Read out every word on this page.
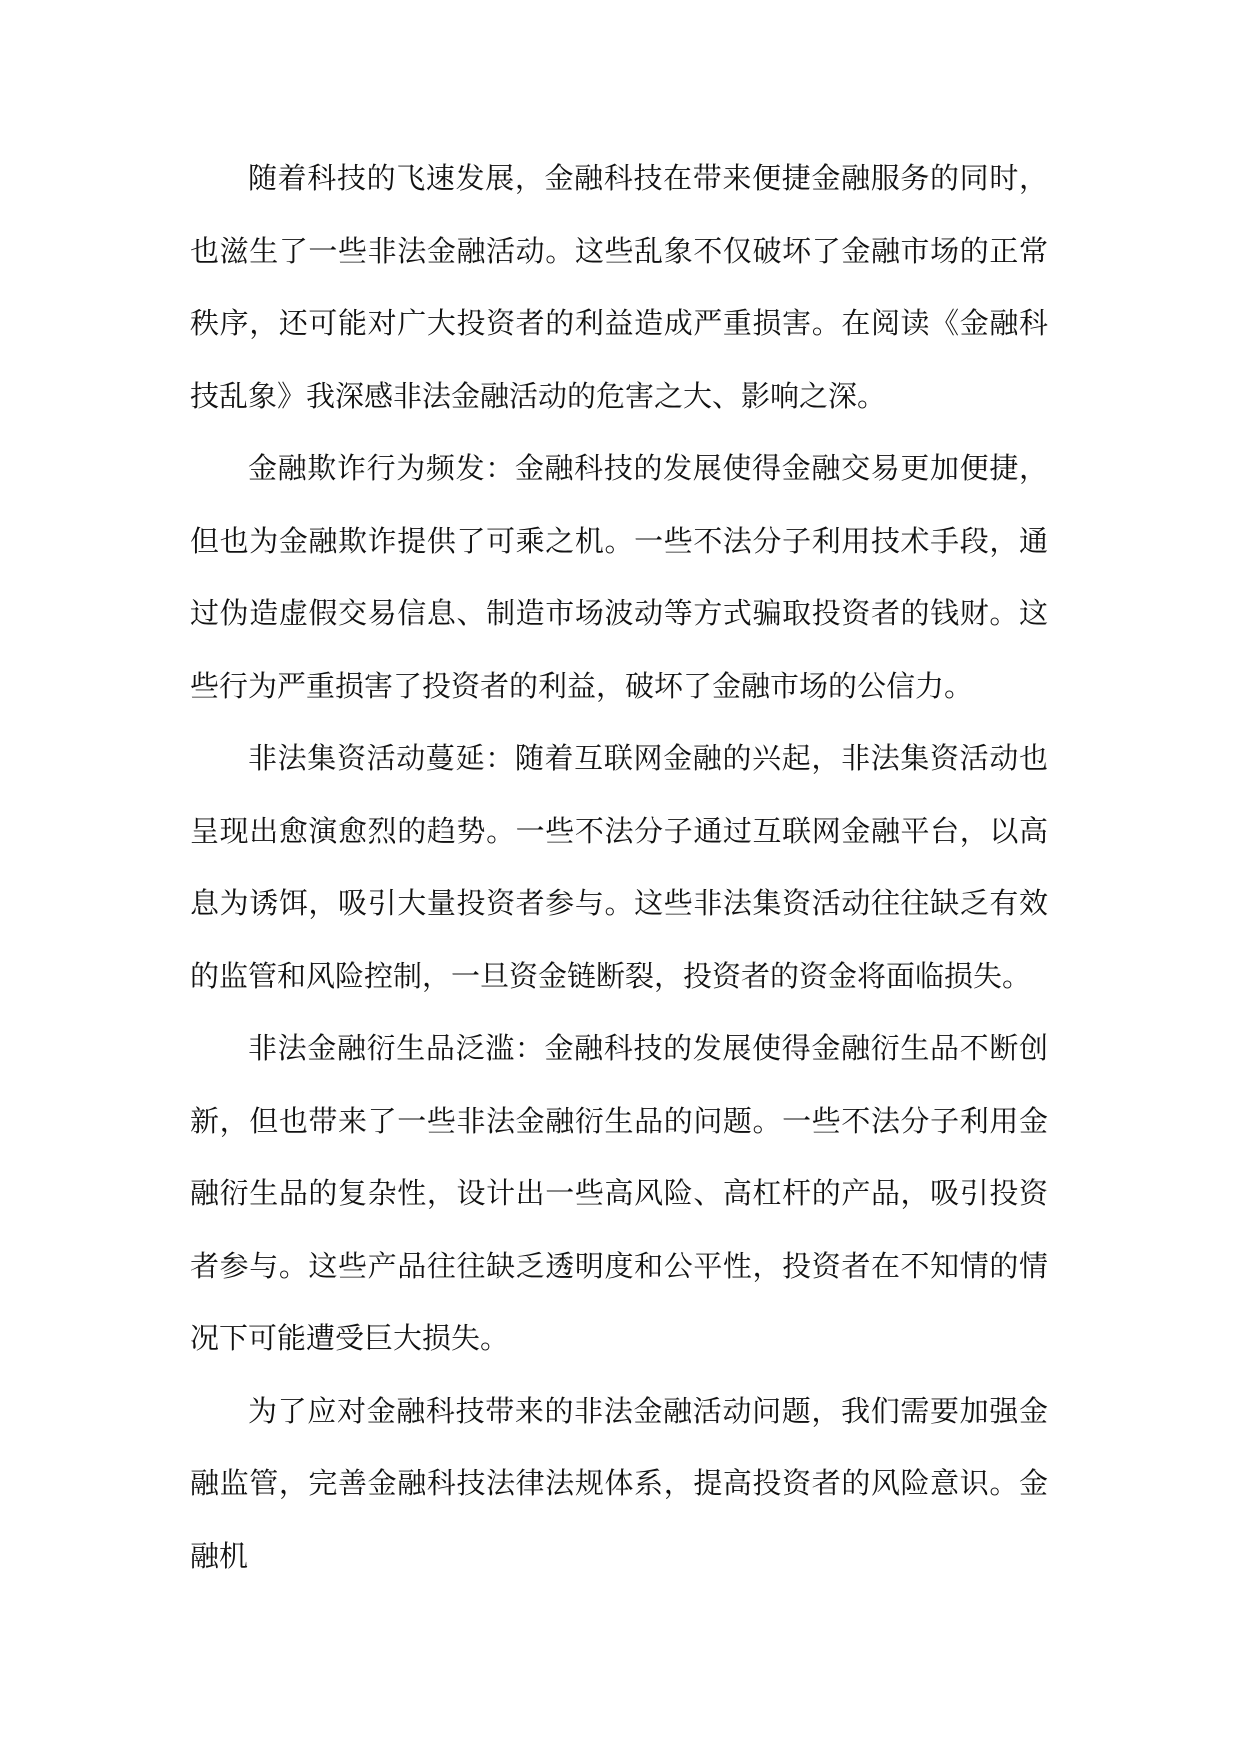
随着科技的飞速发展，金融科技在带来便捷金融服务的同时，也滋生了一些非法金融活动。这些乱象不仅破坏了金融市场的正常秩序，还可能对广大投资者的利益造成严重损害。在阅读《金融科技乱象》我深感非法金融活动的危害之大、影响之深。

金融欺诈行为频发：金融科技的发展使得金融交易更加便捷，但也为金融欺诈提供了可乘之机。一些不法分子利用技术手段，通过伪造虚假交易信息、制造市场波动等方式骗取投资者的钱财。这些行为严重损害了投资者的利益，破坏了金融市场的公信力。

非法集资活动蔓延：随着互联网金融的兴起，非法集资活动也呈现出愈演愈烈的趋势。一些不法分子通过互联网金融平台，以高息为诱饵，吸引大量投资者参与。这些非法集资活动往往缺乏有效的监管和风险控制，一旦资金链断裂，投资者的资金将面临损失。

非法金融衍生品泛滥：金融科技的发展使得金融衍生品不断创新，但也带来了一些非法金融衍生品的问题。一些不法分子利用金融衍生品的复杂性，设计出一些高风险、高杠杆的产品，吸引投资者参与。这些产品往往缺乏透明度和公平性，投资者在不知情的情况下可能遭受巨大损失。

为了应对金融科技带来的非法金融活动问题，我们需要加强金融监管，完善金融科技法律法规体系，提高投资者的风险意识。金融机
